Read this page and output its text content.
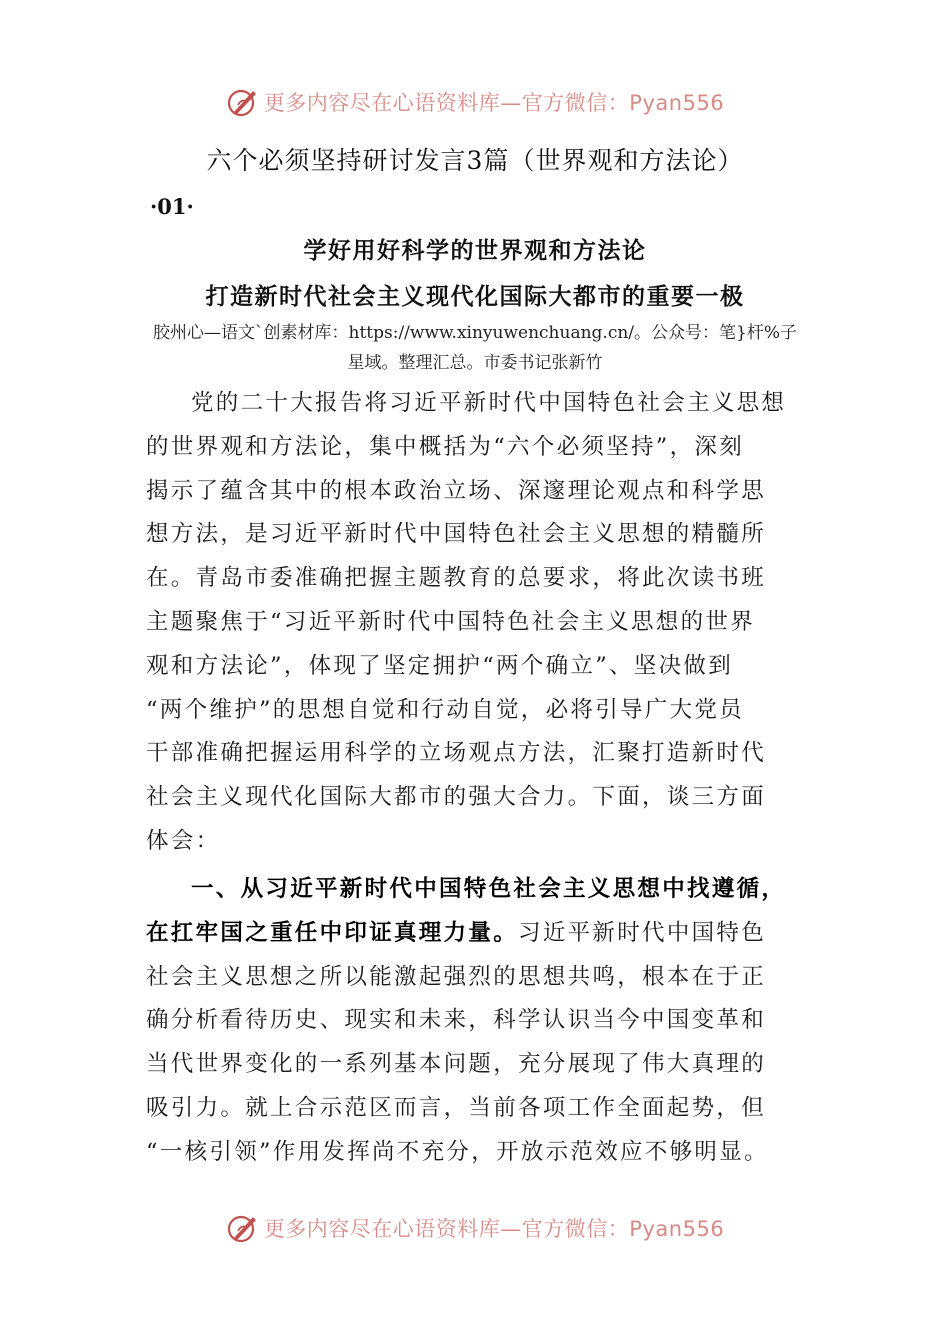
更多内容尽在心语资料库—官方微信：Pyan556
六个必须坚持研讨发言3篇（世界观和方法论）
·01·
学好用好科学的世界观和方法论
打造新时代社会主义现代化国际大都市的重要一极
胶州心—语文`创素材库：https://www.xinyuwenchuang.cn/。公众号：笔}杆%子
星域。整理汇总。市委书记张新竹
党的二十大报告将习近平新时代中国特色社会主义思想
的世界观和方法论，集中概括为“六个必须坚持”，深刻
揭示了蕴含其中的根本政治立场、深邃理论观点和科学思
想方法，是习近平新时代中国特色社会主义思想的精髓所
在。青岛市委准确把握主题教育的总要求，将此次读书班
主题聚焦于“习近平新时代中国特色社会主义思想的世界
观和方法论”，体现了坚定拥护“两个确立”、坚决做到
“两个维护”的思想自觉和行动自觉，必将引导广大党员
干部准确把握运用科学的立场观点方法，汇聚打造新时代
社会主义现代化国际大都市的强大合力。下面，谈三方面
体会：
一、从习近平新时代中国特色社会主义思想中找遵循，
在扛牢国之重任中印证真理力量。习近平新时代中国特色
社会主义思想之所以能激起强烈的思想共鸣，根本在于正
确分析看待历史、现实和未来，科学认识当今中国变革和
当代世界变化的一系列基本问题，充分展现了伟大真理的
吸引力。就上合示范区而言，当前各项工作全面起势，但
“一核引领”作用发挥尚不充分，开放示范效应不够明显。
更多内容尽在心语资料库—官方微信：Pyan556
